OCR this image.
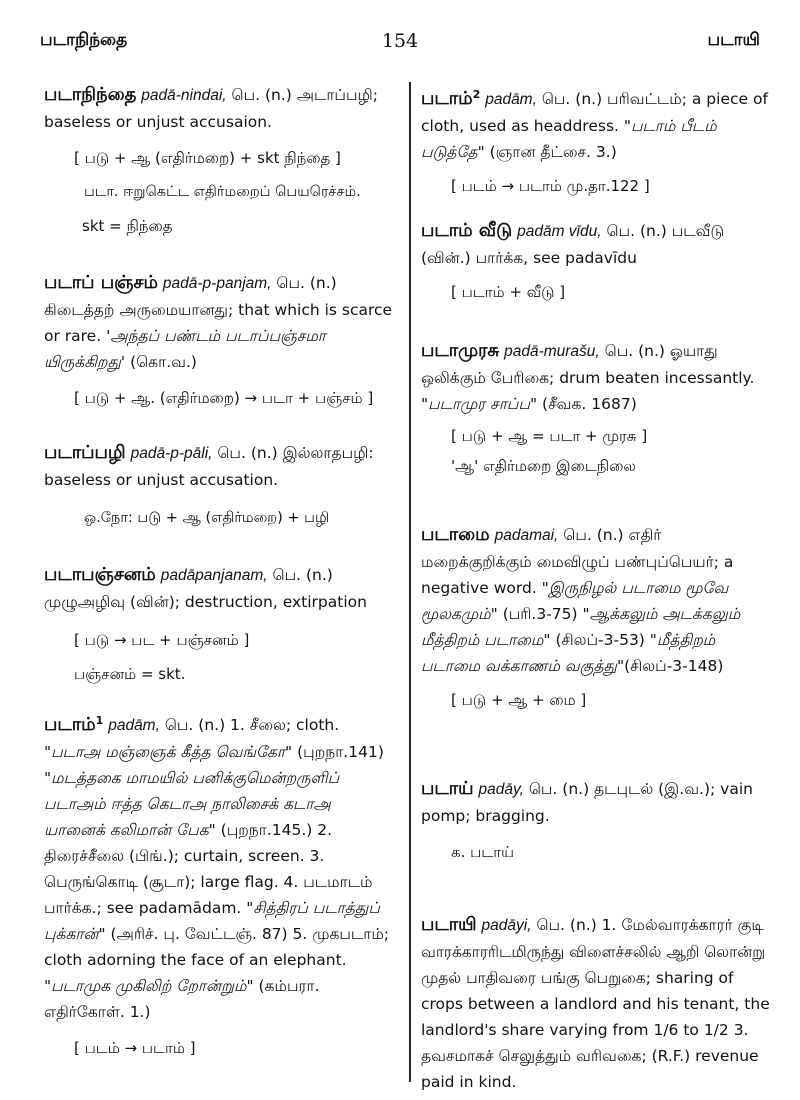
படாநிந்தை	154	படாயி

படாநிந்தை padā-nindai, பெ. (n.) அடாப்பழி; baseless or unjust accusaion.

[ படு + ஆ (எதிர்மறை) + skt நிந்தை ]

படா. ஈறுகெட்ட எதிர்மறைப் பெயரெச்சம்.

skt = நிந்தை

படாப் பஞ்சம் padā-p-panjam, பெ. (n.) கிடைத்தற் அருமையானது; that which is scarce or rare. 'அந்தப் பண்டம் படாப்பஞ்சமா யிருக்கிறது' (கொ.வ.)

[ படு + ஆ. (எதிர்மறை) → படா + பஞ்சம் ]

படாப்பழி padā-p-pāli, பெ. (n.) இல்லாதபழி: baseless or unjust accusation.

ஒ.நோ: படு + ஆ (எதிர்மறை) + பழி

படாபஞ்சனம் padāpanjanam, பெ. (n.) முழுஅழிவு (வின்); destruction, extirpation

[ படு → பட + பஞ்சனம் ]

பஞ்சனம் = skt.

படாம்$^1$ padām, பெ. (n.) 1. சீலை; cloth. "படாஅ மஞ்ஞைக் கீத்த வெங்கோ" (புறநா.141) "மடத்தகை மாமயில் பனிக்குமென்றருளிப் படாஅம் ஈத்த கெடாஅ நாலிசைக் கடாஅ யானைக் கலிமான் பேக" (புறநா.145.) 2. திரைச்சீலை (பிங்.); curtain, screen. 3. பெருங்கொடி (சூடா); large flag. 4. படமாடம் பார்க்க.; see padamādam. "சித்திரப் படாத்துப் புக்கான்" (அரிச். பு. வேட்டஞ். 87) 5. முகபடாம்; cloth adorning the face of an elephant. "படாமுக முகிலிற் றோன்றும்" (கம்பரா. எதிர்கோள். 1.)

[ படம் → படாம் ]

படாம்$^2$ padām, பெ. (n.) பரிவட்டம்; a piece of cloth, used as headdress. "படாம் பீடம் படுத்தே" (ஞான தீட்சை. 3.)

[ படம் → படாம் மு.தா.122 ]

படாம் வீடு padām vīdu, பெ. (n.) படவீடு (வின்.) பார்க்க, see padavīdu

[ படாம் + வீடு ]

படாமுரசு padā-murašu, பெ. (n.) ஓயாது ஒலிக்கும் பேரிகை; drum beaten incessantly. "படாமுர சாப்ப" (சீவக. 1687)

[ படு + ஆ = படா + முரசு ]

'ஆ' எதிர்மறை இடைநிலை

படாமை padamai, பெ. (n.) எதிர் மறைக்குறிக்கும் மைவிழுப் பண்புப்பெயர்; a negative word. "இருநிழல் படாமை மூவே மூலகமும்" (பரி.3-75) "ஆக்கலும் அடக்கலும் மீத்திறம் படாமை" (சிலப்-3-53) "மீத்திறம் படாமை வக்காணம் வகுத்து"(சிலப்-3-148)

[ படு + ஆ + மை ]

படாய் padāy, பெ. (n.) தடபுடல் (இ.வ.); vain pomp; bragging.

க. படாய்

படாயி padāyi, பெ. (n.) 1. மேல்வாரக்காரர் குடி வாரக்காரரிடமிருந்து விளைச்சலில் ஆறி லொன்று முதல் பாதிவரை பங்கு பெறுகை; sharing of crops between a landlord and his tenant, the landlord's share varying from 1/6 to 1/2 3. தவசமாகச் செலுத்தும் வரிவகை; (R.F.) revenue paid in kind.
